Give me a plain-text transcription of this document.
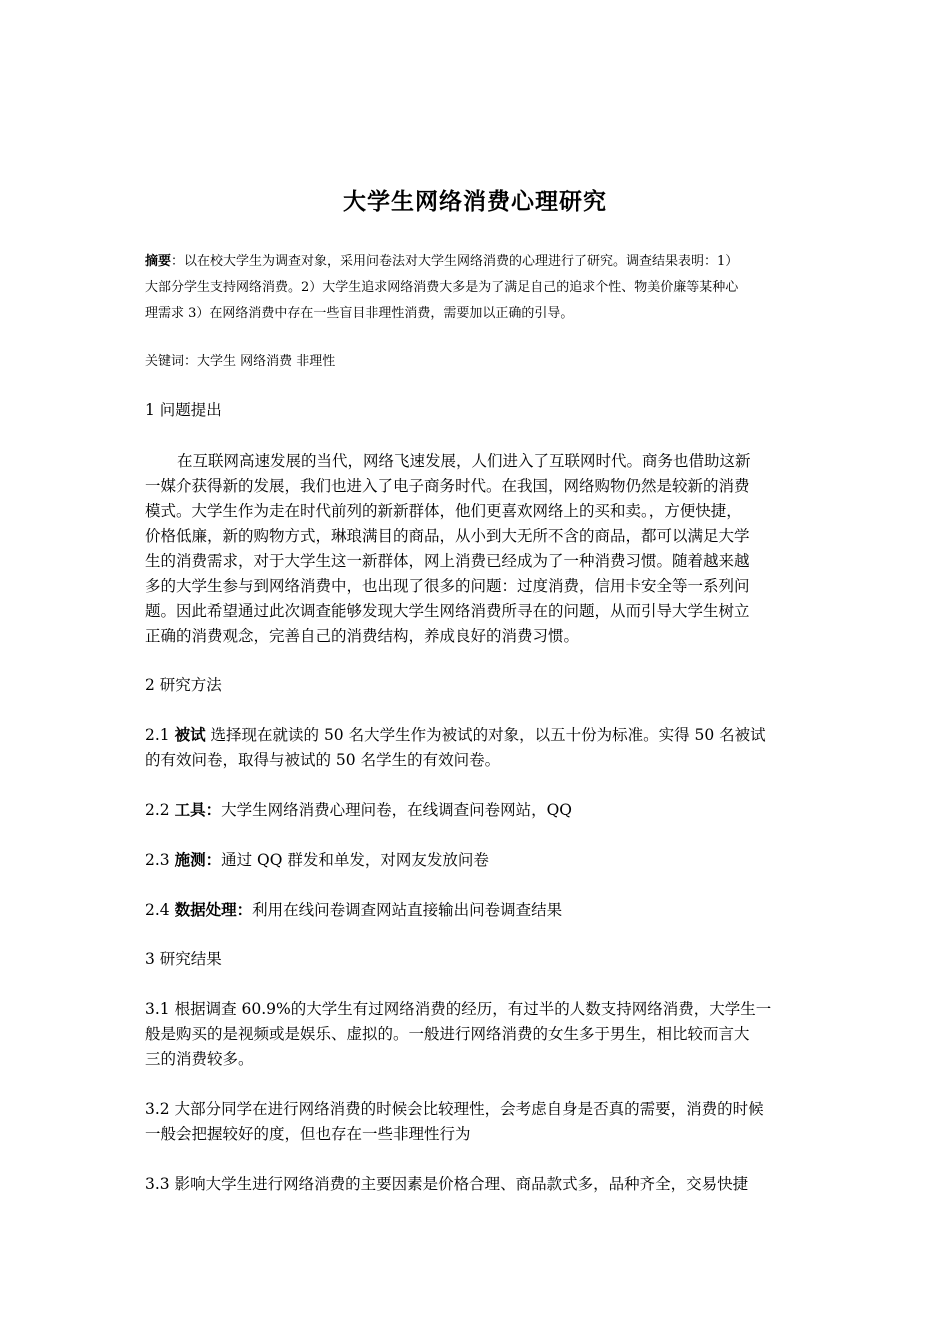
大学生网络消费心理研究
摘要：以在校大学生为调查对象，采用问卷法对大学生网络消费的心理进行了研究。调查结果表明：1）
大部分学生支持网络消费。2）大学生追求网络消费大多是为了满足自己的追求个性、物美价廉等某种心
理需求 3）在网络消费中存在一些盲目非理性消费，需要加以正确的引导。
关键词：大学生 网络消费 非理性
1 问题提出
在互联网高速发展的当代，网络飞速发展，人们进入了互联网时代。商务也借助这新
一媒介获得新的发展，我们也进入了电子商务时代。在我国，网络购物仍然是较新的消费
模式。大学生作为走在时代前列的新新群体，他们更喜欢网络上的买和卖。，方便快捷，
价格低廉，新的购物方式，琳琅满目的商品，从小到大无所不含的商品，都可以满足大学
生的消费需求，对于大学生这一新群体，网上消费已经成为了一种消费习惯。随着越来越
多的大学生参与到网络消费中，也出现了很多的问题：过度消费，信用卡安全等一系列问
题。因此希望通过此次调查能够发现大学生网络消费所寻在的问题，从而引导大学生树立
正确的消费观念，完善自己的消费结构，养成良好的消费习惯。
2 研究方法
2.1 被试 选择现在就读的 50 名大学生作为被试的对象，以五十份为标准。实得 50 名被试
的有效问卷，取得与被试的 50 名学生的有效问卷。
2.2 工具：大学生网络消费心理问卷，在线调查问卷网站，QQ
2.3 施测：通过 QQ 群发和单发，对网友发放问卷
2.4 数据处理：利用在线问卷调查网站直接输出问卷调查结果
3 研究结果
3.1 根据调查 60.9%的大学生有过网络消费的经历，有过半的人数支持网络消费，大学生一
般是购买的是视频或是娱乐、虚拟的。一般进行网络消费的女生多于男生，相比较而言大
三的消费较多。
3.2 大部分同学在进行网络消费的时候会比较理性，会考虑自身是否真的需要，消费的时候
一般会把握较好的度，但也存在一些非理性行为
3.3 影响大学生进行网络消费的主要因素是价格合理、商品款式多，品种齐全，交易快捷
